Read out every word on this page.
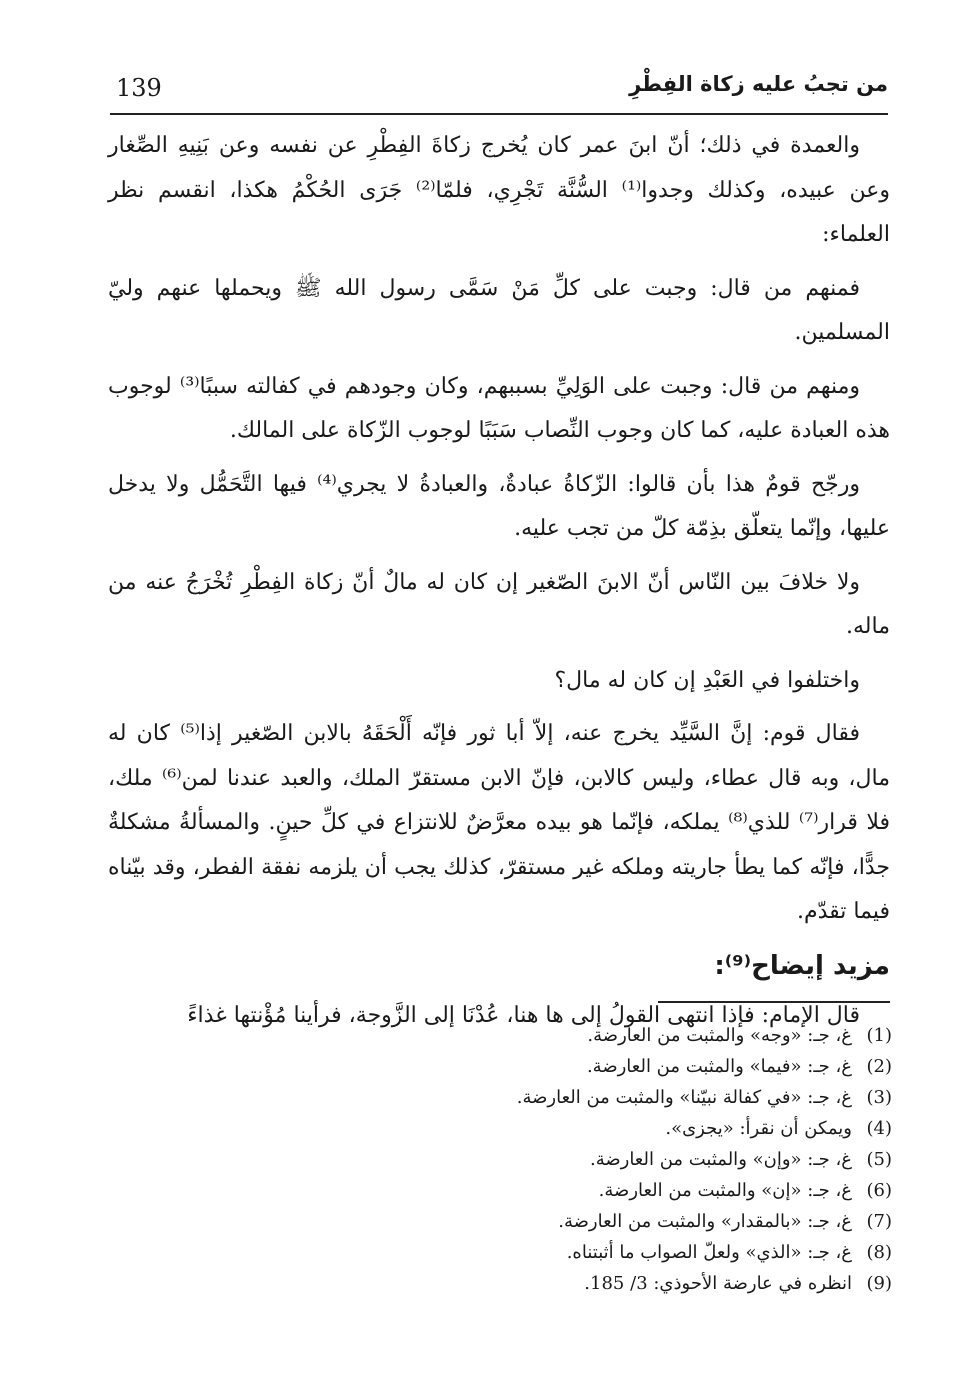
139	من تجبُ عليه زكاة الفِطْرِ

والعمدة في ذلك؛ أنّ ابنَ عمر كان يُخرج زكاةَ الفِطْرِ عن نفسه وعن بَنِيهِ الصِّغار وعن عبيده، وكذلك وجدوا⁽¹⁾ السُّنَّة تَجْرِي، فلمّا⁽²⁾ جَرَى الحُكْمُ هكذا، انقسم نظر العلماء:

فمنهم من قال: وجبت على كلِّ مَنْ سَمَّى رسول الله ﷺ ويحملها عنهم وليّ المسلمين.

ومنهم من قال: وجبت على الوَلِيِّ بسببهم، وكان وجودهم في كفالته سببًا⁽³⁾ لوجوب هذه العبادة عليه، كما كان وجوب النِّصاب سَبَبًا لوجوب الزّكاة على المالك.

ورجّح قومٌ هذا بأن قالوا: الزّكاةُ عبادةٌ، والعبادةُ لا يجري⁽⁴⁾ فيها التَّحَمُّل ولا يدخل عليها، وإنّما يتعلّق بذِمّة كلّ من تجب عليه.

ولا خلافَ بين النّاس أنّ الابنَ الصّغير إن كان له مالٌ أنّ زكاة الفِطْرِ تُخْرَجُ عنه من ماله.

واختلفوا في العَبْدِ إن كان له مال؟

فقال قوم: إنَّ السَّيِّد يخرج عنه، إلاّ أبا ثور فإنّه أَلْحَقَهُ بالابن الصّغير إذا⁽⁵⁾ كان له مال، وبه قال عطاء، وليس كالابن، فإنّ الابن مستقرّ الملك، والعبد عندنا لمن⁽⁶⁾ ملك، فلا قرار⁽⁷⁾ للذي⁽⁸⁾ يملكه، فإنّما هو بيده معرَّضٌ للانتزاع في كلِّ حينٍ. والمسألةُ مشكلةٌ جدًّا، فإنّه كما يطأ جاريته وملكه غير مستقرّ، كذلك يجب أن يلزمه نفقة الفطر، وقد بيّناه فيما تقدّم.

مزيد إيضاح⁽⁹⁾:

قال الإمام: فإذا انتهى القولُ إلى ها هنا، عُدْنَا إلى الزَّوجة، فرأينا مُؤْنتها غذاءً

(1)غ، جـ: «وجه» والمثبت من العارضة.
(2)غ، جـ: «فيما» والمثبت من العارضة.
(3)غ، جـ: «في كفالة نبيّنا» والمثبت من العارضة.
(4)ويمكن أن نقرأ: «يجزى».
(5)غ، جـ: «وإن» والمثبت من العارضة.
(6)غ، جـ: «إن» والمثبت من العارضة.
(7)غ، جـ: «بالمقدار» والمثبت من العارضة.
(8)غ، جـ: «الذي» ولعلّ الصواب ما أثبتناه.
(9)انظره في عارضة الأحوذي: 3/ 185.
